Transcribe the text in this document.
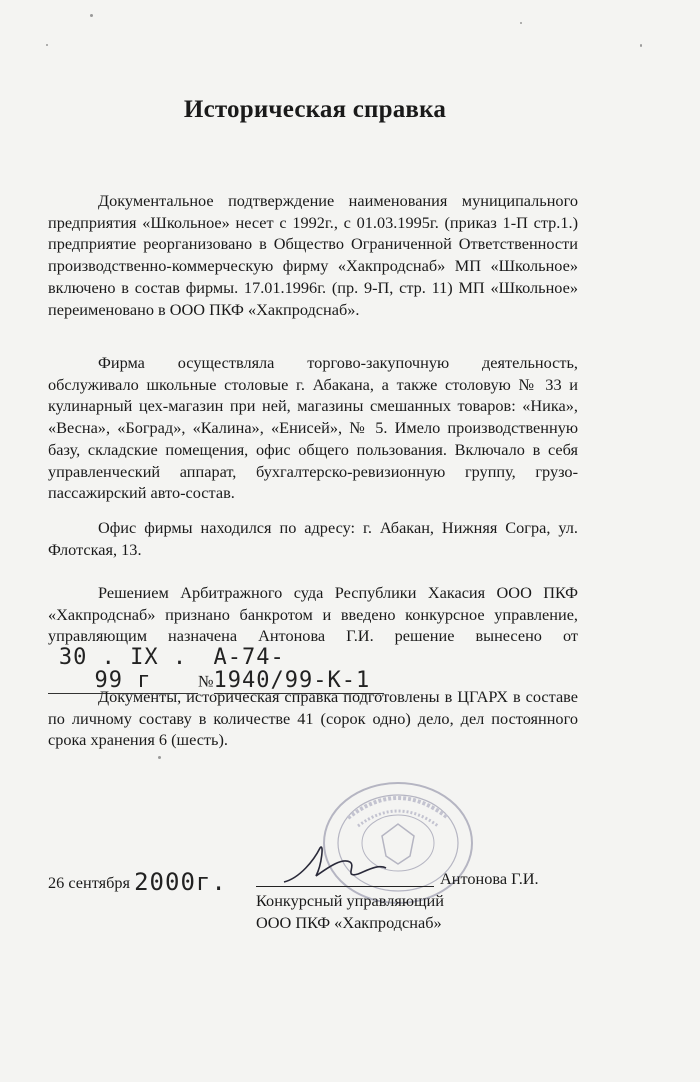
Историческая справка
Документальное подтверждение наименования муниципального предприятия «Школьное» несет с 1992г., с 01.03.1995г. (приказ 1-П стр.1.) предприятие реорганизовано в Общество Ограниченной Ответственности производственно-коммерческую фирму «Хакпродснаб» МП «Школьное» включено в состав фирмы. 17.01.1996г. (пр. 9-П, стр. 11) МП «Школьное» переименовано в ООО ПКФ «Хакпродснаб».
Фирма осуществляла торгово-закупочную деятельность, обслуживало школьные столовые г. Абакана, а также столовую № 33 и кулинарный цех-магазин при ней, магазины смешанных товаров: «Ника», «Весна», «Боград», «Калина», «Енисей», № 5. Имело производственную базу, складские помещения, офис общего пользования. Включало в себя управленческий аппарат, бухгалтерско-ревизионную группу, грузо-пассажирский авто-состав.
Офис фирмы находился по адресу: г. Абакан, Нижняя Согра, ул. Флотская, 13.
Решением Арбитражного суда Республики Хакасия ООО ПКФ «Хакпродснаб» признано банкротом и введено конкурсное управление, управляющим назначена Антонова Г.И. решение вынесено от 30 . IX . 99 г	№А-74-1940/99-К-1
Документы, историческая справка подготовлены в ЦГАРХ в составе по личному составу в количестве 41 (сорок одно) дело, дел постоянного срока хранения 6 (шесть).
26 сентября 2000г.	Антонова Г.И.
Конкурсный управляющий
ООО ПКФ «Хакпродснаб»
